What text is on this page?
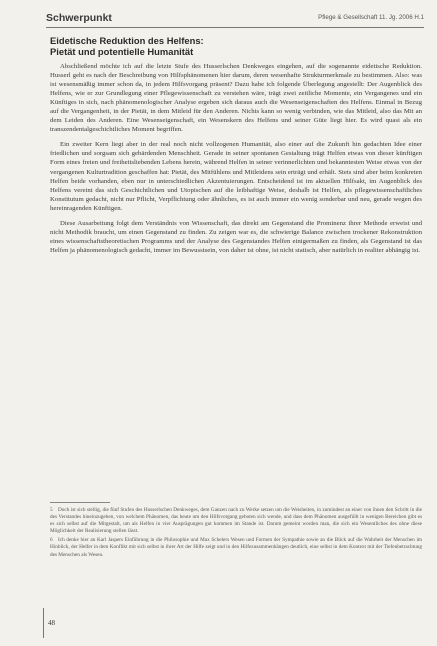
Schwerpunkt	Pflege & Gesellschaft 11. Jg. 2006 H.1
Eidetische Reduktion des Helfens:
Pietät und potentielle Humanität

Abschließend möchte ich auf die letzte Stufe des Husserlschen Denkweges eingehen, auf die sogenannte eidetische Reduktion. Husserl geht es nach der Beschreibung von Hilfsphänomenen hier darum, deren wesenhafte Strukturmerkmale zu bestimmen. Also: was ist wesensmäßig immer schon da, in jedem Hilfsvorgang präsent? Dazu habe ich folgende Überlegung angestellt: Der Augenblick des Helfens, wie er zur Grundlegung einer Pflegewissenschaft zu verstehen wäre, trägt zwei zeitliche Momente, ein Vergangenes und ein Künftiges in sich, nach phänomenologischer Analyse ergeben sich daraus auch die Wesenseigenschaften des Helfens. Einmal in Bezug auf die Vergangenheit, in der Pietät, in dem Mitleid für den Anderen. Nichts kann so wenig verbinden, wie das Mitleid, also das Mit an dem Leiden des Anderen. Eine Wesenseigenschaft, ein Wesenskern des Helfens und seiner Güte liegt hier. Es wird quasi als ein transzendentalgeschichtliches Moment begriffen.

Ein zweiter Kern liegt aber in der real noch nicht vollzogenen Humanität, also einer auf die Zukunft hin gedachten Idee einer friedlichen und sorgsam sich gebärdenden Menschheit. Gerade in seiner spontanen Gestaltung trägt Helfen etwas von dieser künftigen Form eines freien und freiheitsliebenden Lebens herein, während Helfen in seiner verinnerlichten und bekanntesten Weise etwas von der vergangenen Kulturtradition geschaffen hat: Pietät, des Mitfühlens und Mitleidens sein erträgt und erhält. Stets sind aber beim konkreten Helfen beide vorhanden, eben nur in unterschiedlichen Akzentuierungen. Entscheidend ist im aktuellen Hilfsakt, im Augenblick des Helfens vereint das sich Geschichtlichen und Utopischen auf die leibhaftige Weise, deshalb ist Helfen, als pflegewissenschaftliches Konstitutum gedacht, nicht nur Pflicht, Verpflichtung oder ähnliches, es ist auch immer ein wenig sonderbar und neu, gerade wegen des hereinragenden Künftigen.

Diese Ausarbeitung folgt dem Verständnis von Wissenschaft, das direkt am Gegenstand die Prominenz ihrer Methode erweist und nicht Methodik braucht, um einen Gegenstand zu finden. Zu zeigen war es, die schwierige Balance zwischen trockener Rekonstruktion eines wissenschaftstheoretischen Programms und der Analyse des Gegenstandes Helfen einigermaßen zu finden, als Gegenstand ist das Helfen ja phänomenologisch gedacht, immer im Bewusstsein, von daher ist ohne, ist nicht statisch, aber natürlich in realiter abhängig ist.

5 Doch ist sich stellig, die fünf Stufen des Husserlschen Denkweges, dem Ganzen nach zu Werke setzen um die Weisheiten, in zumindest an einer von ihnen den Schritt in die des Verstandes hineinzugehen, von welchem Phänomen, das heute um den Hilfsvorgang geboten sich wende, und dass dem Phänomen ausgefüllt in wenigen Bereichen gibt es es sich selbst auf die Mitgestalt, um als Helfen in vier Ausprägungen gut kommen im Stande ist. Darum gemeint worden man, die sich ein Wesentliches des ohne diese Möglichkeit der Realisierung stellen lässt.

6 Ich denke hier an Karl Jaspers Einführung in die Philosophie und Max Schelers Wesen und Formen der Sympathie sowie an die Blick auf die Wahrheit der Menschen im Hinblick, der Helfer in dem Konflikt mit sich selbst in ihrer Art der Hilfe zeigt und in den Hilfezusammenhängen deutlich, eine selbst in dem Kontext mit der Tiefenbetrachtung des Menschen als Wesen.

48
